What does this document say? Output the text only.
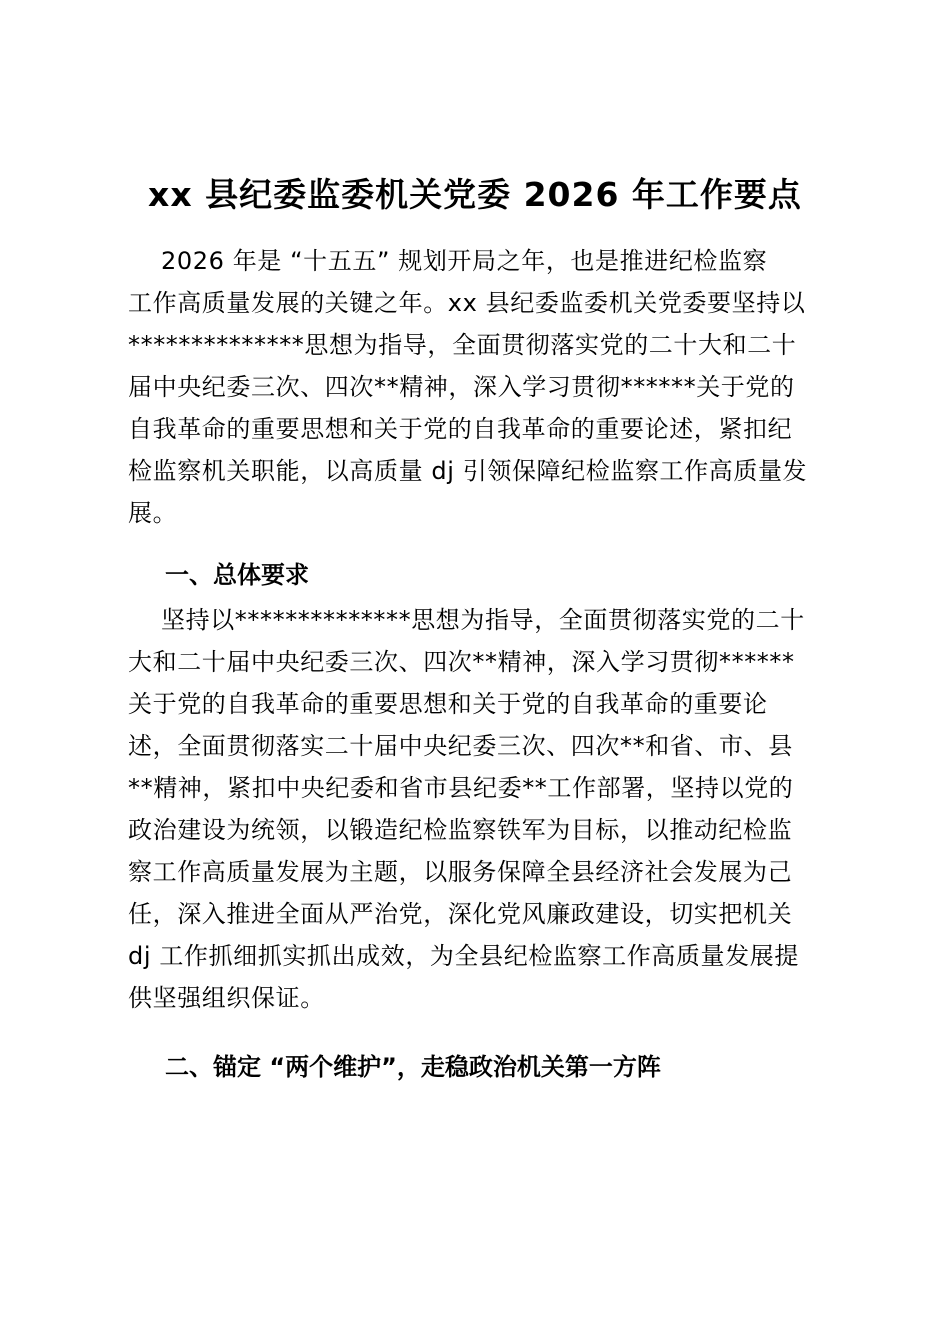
xx 县纪委监委机关党委 2026 年工作要点
2026 年是 “十五五” 规划开局之年，也是推进纪检监察
工作高质量发展的关键之年。xx 县纪委监委机关党委要坚持以
**************思想为指导，全面贯彻落实党的二十大和二十
届中央纪委三次、四次**精神，深入学习贯彻******关于党的
自我革命的重要思想和关于党的自我革命的重要论述，紧扣纪
检监察机关职能，以高质量 dj 引领保障纪检监察工作高质量发
展。
一、总体要求
坚持以**************思想为指导，全面贯彻落实党的二十
大和二十届中央纪委三次、四次**精神，深入学习贯彻******
关于党的自我革命的重要思想和关于党的自我革命的重要论
述，全面贯彻落实二十届中央纪委三次、四次**和省、市、县
**精神，紧扣中央纪委和省市县纪委**工作部署，坚持以党的
政治建设为统领，以锻造纪检监察铁军为目标，以推动纪检监
察工作高质量发展为主题，以服务保障全县经济社会发展为己
任，深入推进全面从严治党，深化党风廉政建设，切实把机关
dj 工作抓细抓实抓出成效，为全县纪检监察工作高质量发展提
供坚强组织保证。
二、锚定 “两个维护”，走稳政治机关第一方阵
